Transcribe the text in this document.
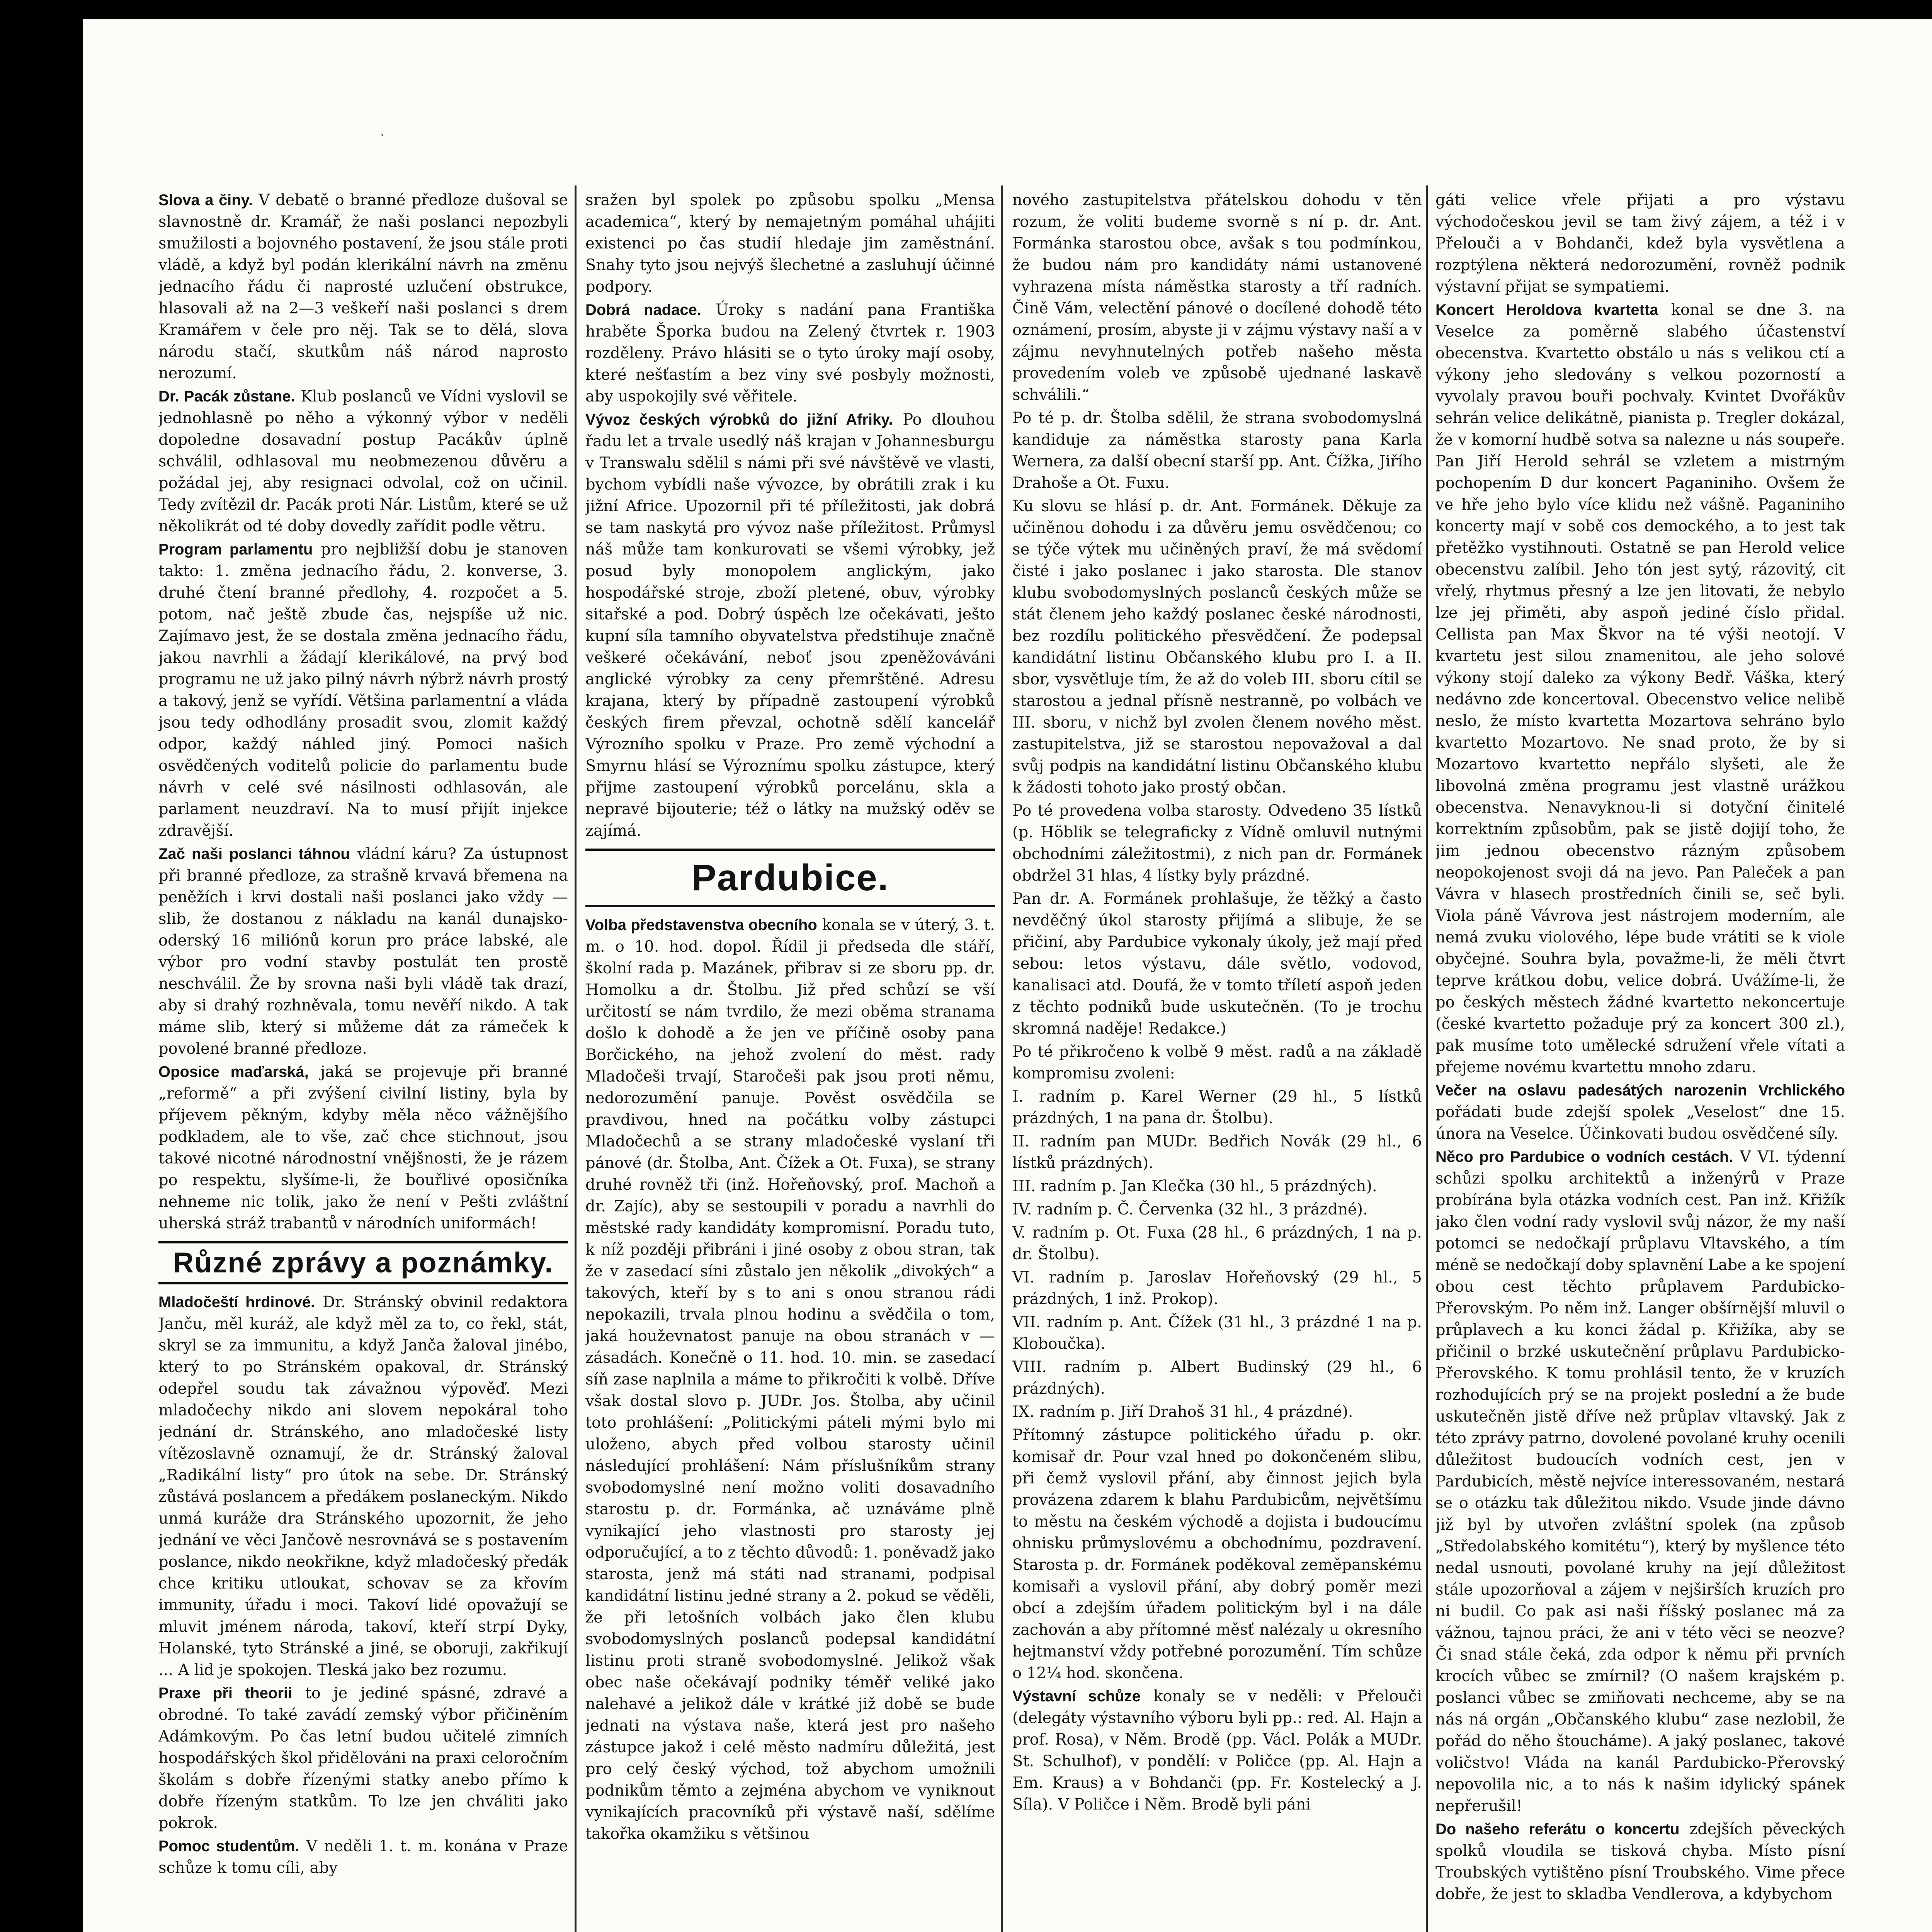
‵

Slova a činy. V debatě o branné předloze dušoval se slavnostně dr. Kramář, že naši poslanci nepozbyli smužilosti a bojovného postavení, že jsou stále proti vládě, a když byl podán klerikální návrh na změnu jednacího řádu či naprosté uzlučení obstrukce, hlasovali až na 2—3 veškeří naši poslanci s drem Kramářem v čele pro něj. Tak se to dělá, slova národu stačí, skutkům náš národ naprosto nerozumí.

Dr. Pacák zůstane. Klub poslanců ve Vídni vyslovil se jednohlasně po něho a výkonný výbor v neděli dopoledne dosavadní postup Pacákův úplně schválil, odhlasoval mu neobmezenou důvěru a požádal jej, aby resignaci odvolal, což on učinil. Tedy zvítězil dr. Pacák proti Nár. Listům, které se už několikrát od té doby dovedly zařídit podle větru.

Program parlamentu pro nejbližší dobu je stanoven takto: 1. změna jednacího řádu, 2. konverse, 3. druhé čtení branné předlohy, 4. rozpočet a 5. potom, nač ještě zbude čas, nejspíše už nic. Zajímavo jest, že se dostala změna jednacího řádu, jakou navrhli a žádají klerikálové, na prvý bod programu ne už jako pilný návrh nýbrž návrh prostý a takový, jenž se vyřídí. Většina parlamentní a vláda jsou tedy odhodlány prosadit svou, zlomit každý odpor, každý náhled jiný. Pomoci našich osvědčených voditelů policie do parlamentu bude návrh v celé své násilnosti odhlasován, ale parlament neuzdraví. Na to musí přijít injekce zdravější.

Zač naši poslanci táhnou vládní káru? Za ústupnost při branné předloze, za strašně krvavá břemena na peněžích i krvi dostali naši poslanci jako vždy — slib, že dostanou z nákladu na kanál dunajsko-oderský 16 miliónů korun pro práce labské, ale výbor pro vodní stavby postulát ten prostě neschválil. Že by srovna naši byli vládě tak drazí, aby si drahý rozhněvala, tomu nevěří nikdo. A tak máme slib, který si můžeme dát za rámeček k povolené branné předloze.

Oposice maďarská, jaká se projevuje při branné „reformě“ a při zvýšení civilní listiny, byla by příjevem pěkným, kdyby měla něco vážnějšího podkladem, ale to vše, zač chce stichnout, jsou takové nicotné národnostní vnějšnosti, že je rázem po respektu, slyšíme-li, že bouřlivé oposičníka nehneme nic tolik, jako že není v Pešti zvláštní uherská stráž trabantů v národních uniformách!

Různé zprávy a poznámky.

Mladočeští hrdinové. Dr. Stránský obvinil redaktora Janču, měl kuráž, ale když měl za to, co řekl, stát, skryl se za immunitu, a když Janča žaloval jinébo, který to po Stránském opakoval, dr. Stránský odepřel soudu tak závažnou výpověď. Mezi mladočechy nikdo ani slovem nepokáral toho jednání dr. Stránského, ano mladočeské listy vítězoslavně oznamují, že dr. Stránský žaloval „Radikální listy“ pro útok na sebe. Dr. Stránský zůstává poslancem a předákem poslaneckým. Nikdo unmá kuráže dra Stránského upozornit, že jeho jednání ve věci Jančově nesrovnává se s postavením poslance, nikdo neokřikne, když mladočeský předák chce kritiku utloukat, schovav se za křovím immunity, úřadu i moci. Takoví lidé opovažují se mluvit jménem národa, takoví, kteří strpí Dyky, Holanské, tyto Stránské a jiné, se oboruji, zakřikují ... A lid je spokojen. Tleská jako bez rozumu.

Praxe při theorii to je jediné spásné, zdravé a obrodné. To také zavádí zemský výbor přičiněním Adámkovým. Po čas letní budou učitelé zimních hospodářských škol přidělováni na praxi celoročním školám s dobře řízenými statky anebo přímo k dobře řízeným statkům. To lze jen chváliti jako pokrok.

Pomoc studentům. V neděli 1. t. m. konána v Praze schůze k tomu cíli, aby

sražen byl spolek po způsobu spolku „Mensa academica“, který by nemajetným pomáhal uhájiti existenci po čas studií hledaje jim zaměstnání. Snahy tyto jsou nejvýš šlechetné a zasluhují účinné podpory.

Dobrá nadace. Úroky s nadání pana Františka hraběte Šporka budou na Zelený čtvrtek r. 1903 rozděleny. Právo hlásiti se o tyto úroky mají osoby, které nešťastím a bez viny své posbyly možnosti, aby uspokojily své věřitele.

Vývoz českých výrobků do jižní Afriky. Po dlouhou řadu let a trvale usedlý náš krajan v Johannesburgu v Transwalu sdělil s námi při své návštěvě ve vlasti, bychom vybídli naše vývozce, by obrátili zrak i ku jižní Africe. Upozornil při té příležitosti, jak dobrá se tam naskytá pro vývoz naše příležitost. Průmysl náš může tam konkurovati se všemi výrobky, jež posud byly monopolem anglickým, jako hospodářské stroje, zboží pletené, obuv, výrobky sitařské a pod. Dobrý úspěch lze očekávati, ješto kupní síla tamního obyvatelstva předstihuje značně veškeré očekávání, neboť jsou zpeněžováváni anglické výrobky za ceny přemrštěné. Adresu krajana, který by případně zastoupení výrobků českých firem převzal, ochotně sdělí kancelář Výrozního spolku v Praze. Pro země východní a Smyrnu hlásí se Výroznímu spolku zástupce, který přijme zastoupení výrobků porcelánu, skla a nepravé bijouterie; též o látky na mužský oděv se zajímá.

Pardubice.

Volba představenstva obecního konala se v úterý, 3. t. m. o 10. hod. dopol. Řídil ji předseda dle stáří, školní rada p. Mazánek, přibrav si ze sboru pp. dr. Homolku a dr. Štolbu. Již před schůzí se vší určitostí se nám tvrdilo, že mezi oběma stranama došlo k dohodě a že jen ve příčině osoby pana Borčického, na jehož zvolení do měst. rady Mladočeši trvají, Staročeši pak jsou proti němu, nedorozumění panuje. Pověst osvědčila se pravdivou, hned na počátku volby zástupci Mladočechů a se strany mladočeské vyslaní tři pánové (dr. Štolba, Ant. Čížek a Ot. Fuxa), se strany druhé rovněž tři (inž. Hořeňovský, prof. Machoň a dr. Zajíc), aby se sestoupili v poradu a navrhli do městské rady kandidáty kompromisní. Poradu tuto, k níž později přibráni i jiné osoby z obou stran, tak že v zasedací síni zůstalo jen několik „divokých“ a takových, kteří by s to ani s onou stranou rádi nepokazili, trvala plnou hodinu a svědčila o tom, jaká houževnatost panuje na obou stranách v — zásadách. Konečně o 11. hod. 10. min. se zasedací síň zase naplnila a máme to přikročiti k volbě. Dříve však dostal slovo p. JUDr. Jos. Štolba, aby učinil toto prohlášení: „Politickými páteli mými bylo mi uloženo, abych před volbou starosty učinil následující prohlášení: Nám příslušníkům strany svobodomyslné není možno voliti dosavadního starostu p. dr. Formánka, ač uznáváme plně vynikající jeho vlastnosti pro starosty jej odporučující, a to z těchto důvodů: 1. poněvadž jako starosta, jenž má státi nad stranami, podpisal kandidátní listinu jedné strany a 2. pokud se věděli, že při letošních volbách jako člen klubu svobodomyslných poslanců podepsal kandidátní listinu proti straně svobodomyslné. Jelikož však obec naše očekávají podniky téměř veliké jako nalehavé a jelikož dále v krátké již době se bude jednati na výstava naše, která jest pro našeho zástupce jakož i celé město nadmíru důležitá, jest pro celý český východ, tož abychom umožnili podnikům těmto a zejména abychom ve vyniknout vynikajících pracovníků při výstavě naší, sdělíme takořka okamžiku s většinou

nového zastupitelstva přátelskou dohodu v těn rozum, že voliti budeme svorně s ní p. dr. Ant. Formánka starostou obce, avšak s tou podmínkou, že budou nám pro kandidáty námi ustanovené vyhrazena místa náměstka starosty a tří radních. Čině Vám, velectění pánové o docílené dohodě této oznámení, prosím, abyste ji v zájmu výstavy naší a v zájmu nevyhnutelných potřeb našeho města provedením voleb ve způsobě ujednané laskavě schválili.“

Po té p. dr. Štolba sdělil, že strana svobodomyslná kandiduje za náměstka starosty pana Karla Wernera, za další obecní starší pp. Ant. Čížka, Jiřího Drahoše a Ot. Fuxu.

Ku slovu se hlásí p. dr. Ant. Formánek. Děkuje za učiněnou dohodu i za důvěru jemu osvědčenou; co se týče výtek mu učiněných praví, že má svědomí čisté i jako poslanec i jako starosta. Dle stanov klubu svobodomyslných poslanců českých může se stát členem jeho každý poslanec české národnosti, bez rozdílu politického přesvědčení. Že podepsal kandidátní listinu Občanského klubu pro I. a II. sbor, vysvětluje tím, že až do voleb III. sboru cítil se starostou a jednal přísně nestranně, po volbách ve III. sboru, v nichž byl zvolen členem nového měst. zastupitelstva, již se starostou nepovažoval a dal svůj podpis na kandidátní listinu Občanského klubu k žádosti tohoto jako prostý občan.

Po té provedena volba starosty. Odvedeno 35 lístků (p. Höblik se telegraficky z Vídně omluvil nutnými obchodními záležitostmi), z nich pan dr. Formánek obdržel 31 hlas, 4 lístky byly prázdné.

Pan dr. A. Formánek prohlašuje, že těžký a často nevděčný úkol starosty přijímá a slibuje, že se přičiní, aby Pardubice vykonaly úkoly, jež mají před sebou: letos výstavu, dále světlo, vodovod, kanalisaci atd. Doufá, že v tomto tříletí aspoň jeden z těchto podniků bude uskutečněn. (To je trochu skromná naděje! Redakce.)

Po té přikročeno k volbě 9 měst. radů a na základě kompromisu zvoleni:

I. radním p. Karel Werner (29 hl., 5 lístků prázdných, 1 na pana dr. Štolbu).

II. radním pan MUDr. Bedřich Novák (29 hl., 6 lístků prázdných).

III. radním p. Jan Klečka (30 hl., 5 prázdných).

IV. radním p. Č. Červenka (32 hl., 3 prázdné).

V. radním p. Ot. Fuxa (28 hl., 6 prázdných, 1 na p. dr. Štolbu).

VI. radním p. Jaroslav Hořeňovský (29 hl., 5 prázdných, 1 inž. Prokop).

VII. radním p. Ant. Čížek (31 hl., 3 prázdné 1 na p. Kloboučka).

VIII. radním p. Albert Budinský (29 hl., 6 prázdných).

IX. radním p. Jiří Drahoš 31 hl., 4 prázdné).

Přítomný zástupce politického úřadu p. okr. komisař dr. Pour vzal hned po dokončeném slibu, při čemž vyslovil přání, aby činnost jejich byla provázena zdarem k blahu Pardubicům, největšímu to městu na českém východě a dojista i budoucímu ohnisku průmyslovému a obchodnímu, pozdravení. Starosta p. dr. Formánek poděkoval zeměpanskému komisaři a vyslovil přání, aby dobrý poměr mezi obcí a zdejším úřadem politickým byl i na dále zachován a aby přítomné měsť nalézaly u okresního hejtmanství vždy potřebné porozumění. Tím schůze o 12¼ hod. skončena.

Výstavní schůze konaly se v neděli: v Přelouči (delegáty výstavního výboru byli pp.: red. Al. Hajn a prof. Rosa), v Něm. Brodě (pp. Václ. Polák a MUDr. St. Schulhof), v pondělí: v Poličce (pp. Al. Hajn a Em. Kraus) a v Bohdanči (pp. Fr. Kostelecký a J. Síla). V Poličce i Něm. Brodě byli páni

gáti velice vřele přijati a pro výstavu východočeskou jevil se tam živý zájem, a též i v Přelouči a v Bohdanči, kdež byla vysvětlena a rozptýlena některá nedorozumění, rovněž podnik výstavní přijat se sympatiemi.

Koncert Heroldova kvartetta konal se dne 3. na Veselce za poměrně slabého účastenství obecenstva. Kvartetto obstálo u nás s velikou ctí a výkony jeho sledovány s velkou pozorností a vyvolaly pravou bouři pochvaly. Kvintet Dvořákův sehrán velice delikátně, pianista p. Tregler dokázal, že v komorní hudbě sotva sa nalezne u nás soupeře. Pan Jiří Herold sehrál se vzletem a mistrným pochopením D dur koncert Paganiniho. Ovšem že ve hře jeho bylo více klidu než vášně. Paganiniho koncerty mají v sobě cos demockého, a to jest tak přetěžko vystihnouti. Ostatně se pan Herold velice obecenstvu zalíbil. Jeho tón jest sytý, rázovitý, cit vřelý, rhytmus přesný a lze jen litovati, že nebylo lze jej přiměti, aby aspoň jediné číslo přidal. Cellista pan Max Škvor na té výši neotojí. V kvartetu jest silou znamenitou, ale jeho solové výkony stojí daleko za výkony Bedř. Váška, který nedávno zde koncertoval. Obecenstvo velice nelibě neslo, že místo kvartetta Mozartova sehráno bylo kvartetto Mozartovo. Ne snad proto, že by si Mozartovo kvartetto nepřálo slyšeti, ale že libovolná změna programu jest vlastně urážkou obecenstva. Nenavyknou-li si dotyční činitelé korrektním způsobům, pak se jistě dojijí toho, že jim jednou obecenstvo rázným způsobem neopokojenost svoji dá na jevo. Pan Paleček a pan Vávra v hlasech prostředních činili se, seč byli. Viola páně Vávrova jest nástrojem moderním, ale nemá zvuku violového, lépe bude vrátiti se k viole obyčejné. Souhra byla, považme-li, že měli čtvrt teprve krátkou dobu, velice dobrá. Uvážíme-li, že po českých městech žádné kvartetto nekoncertuje (české kvartetto požaduje prý za koncert 300 zl.), pak musíme toto umělecké sdružení vřele vítati a přejeme novému kvartettu mnoho zdaru.

Večer na oslavu padesátých narozenin Vrchlického pořádati bude zdejší spolek „Veselost“ dne 15. února na Veselce. Účinkovati budou osvědčené síly.

Něco pro Pardubice o vodních cestách. V VI. týdenní schůzi spolku architektů a inženýrů v Praze probírána byla otázka vodních cest. Pan inž. Křižík jako člen vodní rady vyslovil svůj názor, že my naší potomci se nedočkají průplavu Vltavského, a tím méně se nedočkají doby splavnění Labe a ke spojení obou cest těchto průplavem Pardubicko-Přerovským. Po něm inž. Langer obšírnější mluvil o průplavech a ku konci žádal p. Křižíka, aby se přičinil o brzké uskutečnění průplavu Pardubicko-Přerovského. K tomu prohlásil tento, že v kruzích rozhodujících prý se na projekt poslední a že bude uskutečněn jistě dříve než průplav vltavský. Jak z této zprávy patrno, dovolené povolané kruhy ocenili důležitost budoucích vodních cest, jen v Pardubicích, městě nejvíce interessovaném, nestará se o otázku tak důležitou nikdo. Vsude jinde dávno již byl by utvořen zvláštní spolek (na způsob „Středolabského komitétu“), který by myšlence této nedal usnouti, povolané kruhy na její důležitost stále upozorňoval a zájem v nejširších kruzích pro ni budil. Co pak asi naši říšský poslanec má za vážnou, tajnou práci, že ani v této věci se neozve? Či snad stále čeká, zda odpor k němu při prvních krocích vůbec se zmírnil? (O našem krajském p. poslanci vůbec se zmiňovati nechceme, aby se na nás ná orgán „Občanského klubu“ zase nezlobil, že pořád do něho štoucháme). A jaký poslanec, takové voličstvo! Vláda na kanál Pardubicko-Přerovský nepovolila nic, a to nás k našim idylický spánek nepřerušil!

Do našeho referátu o koncertu zdejších pěveckých spolků vloudila se tisková chyba. Místo písní Troubských vytištěno písní Troubského. Vime přece dobře, že jest to skladba Vendlerova, a kdybychom
